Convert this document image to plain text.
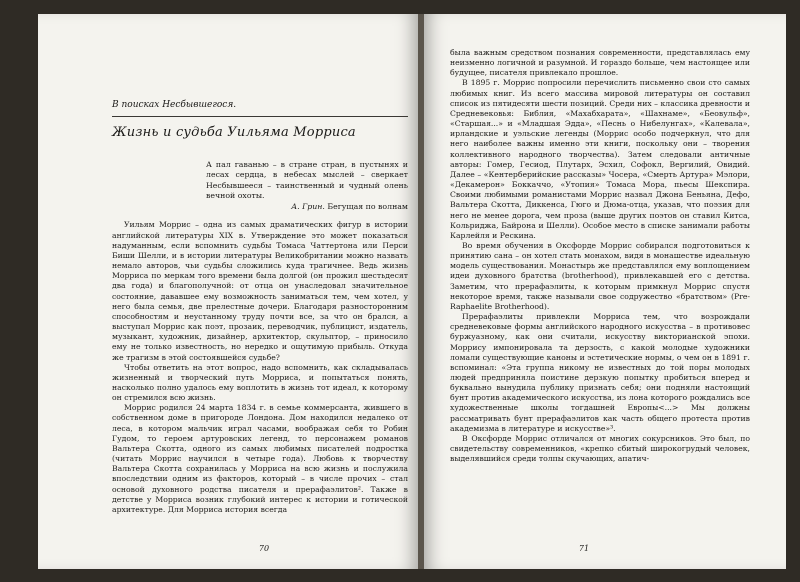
В поисках Несбывшегося.
Жизнь и судьба Уильяма Морриса
А пал гаванью – в стране стран, в пустынях и лесах сердца, в небесах мыслей – сверкает Несбывшееся – таинственный и чудный олень вечной охоты.
А. Грин. Бегущая по волнам

Уильям Моррис – одна из самых драматических фигур в истории английской литературы XIX в. Утверждение это может показаться надуманным, если вспомнить судьбы Томаса Чаттертона или Перси Биши Шелли, и в истории литературы Великобритании можно назвать немало авторов, чьи судьбы сложились куда трагичнее. Ведь жизнь Морриса по меркам того времени была долгой (он прожил шестьдесят два года) и благополучной: от отца он унаследовал значительное состояние, дававшее ему возможность заниматься тем, чем хотел, у него была семья, две прелестные дочери. Благодаря разносторонним способностям и неустанному труду почти все, за что он брался, а выступал Моррис как поэт, прозаик, переводчик, публицист, издатель, музыкант, художник, дизайнер, архитектор, скульптор, – приносило ему не только известность, но нередко и ощутимую прибыль. Откуда же трагизм в этой состоявшейся судьбе?

Чтобы ответить на этот вопрос, надо вспомнить, как складывалась жизненный и творческий путь Морриса, и попытаться понять, насколько полно удалось ему воплотить в жизнь тот идеал, к которому он стремился всю жизнь.

Моррис родился 24 марта 1834 г. в семье коммерсанта, жившего в собственном доме в пригороде Лондона. Дом находился недалеко от леса, в котором мальчик играл часами, воображая себя то Робин Гудом, то героем артуровских легенд, то персонажем романов Вальтера Скотта, одного из самых любимых писателей подростка (читать Моррис научился в четыре года). Любовь к творчеству Вальтера Скотта сохранилась у Морриса на всю жизнь и послужила впоследствии одним из факторов, который – в числе прочих – стал основой духовного родства писателя и прерафаэлитов². Также в детстве у Морриса возник глубокий интерес к истории и готической архитектуре. Для Морриса история всегда

70

была важным средством познания современности, представлялась ему неизменно логичной и разумной. И гораздо больше, чем настоящее или будущее, писателя привлекало прошлое.

В 1895 г. Моррис попросили перечислить письменно свои сто самых любимых книг. Из всего массива мировой литературы он составил список из пятидесяти шести позиций. Среди них – классика древности и Средневековья: Библия, «Махабхарата», «Шахнаме», «Беовульф», «Старшая...» и «Младшая Эдда», «Песнь о Нибелунгах», «Калевала», ирландские и уэльские легенды (Моррис особо подчеркнул, что для него наиболее важны именно эти книги, поскольку они – творения коллективного народного творчества). Затем следовали античные авторы: Гомер, Гесиод, Плутарх, Эсхил, Софокл, Вергилий, Овидий. Далее – «Кентерберийские рассказы» Чосера, «Смерть Артура» Мэлори, «Декамерон» Боккаччо, «Утопия» Томаса Мора, пьесы Шекспира. Своими любимыми романистами Моррис назвал Джона Беньяна, Дефо, Вальтера Скотта, Диккенса, Гюго и Дюма-отца, указав, что поэзия для него не менее дорога, чем проза (выше других поэтов он ставил Китса, Кольриджа, Байрона и Шелли). Особое место в списке занимали работы Карлейля и Рескина.

Во время обучения в Оксфорде Моррис собирался подготовиться к принятию сана – он хотел стать монахом, видя в монашестве идеальную модель существования. Монастырь же представлялся ему воплощением идеи духовного братства (brotherhood), привлекавшей его с детства. Заметим, что прерафаэлиты, к которым примкнул Моррис спустя некоторое время, также называли свое содружество «братством» (Pre-Raphaelite Brotherhood).

Прерафаэлиты привлекли Морриса тем, что возрождали средневековые формы английского народного искусства – в противовес буржуазному, как они считали, искусству викторианской эпохи. Моррису импонировала та дерзость, с какой молодые художники ломали существующие каноны и эстетические нормы, о чем он в 1891 г. вспоминал: «Эта группа никому не известных до той поры молодых людей предприняла поистине дерзкую попытку пробиться вперед и буквально вынудила публику признать себя; они подняли настоящий бунт против академического искусства, из лона которого рождались все художественные школы тогдашней Европы<...> Мы должны рассматривать бунт прерафаэлитов как часть общего протеста против академизма в литературе и искусстве»³.

В Оксфорде Моррис отличался от многих сокурсников. Это был, по свидетельству современников, «крепко сбитый широкогрудый человек, выделявшийся среди толпы скучающих, апатич-

71
